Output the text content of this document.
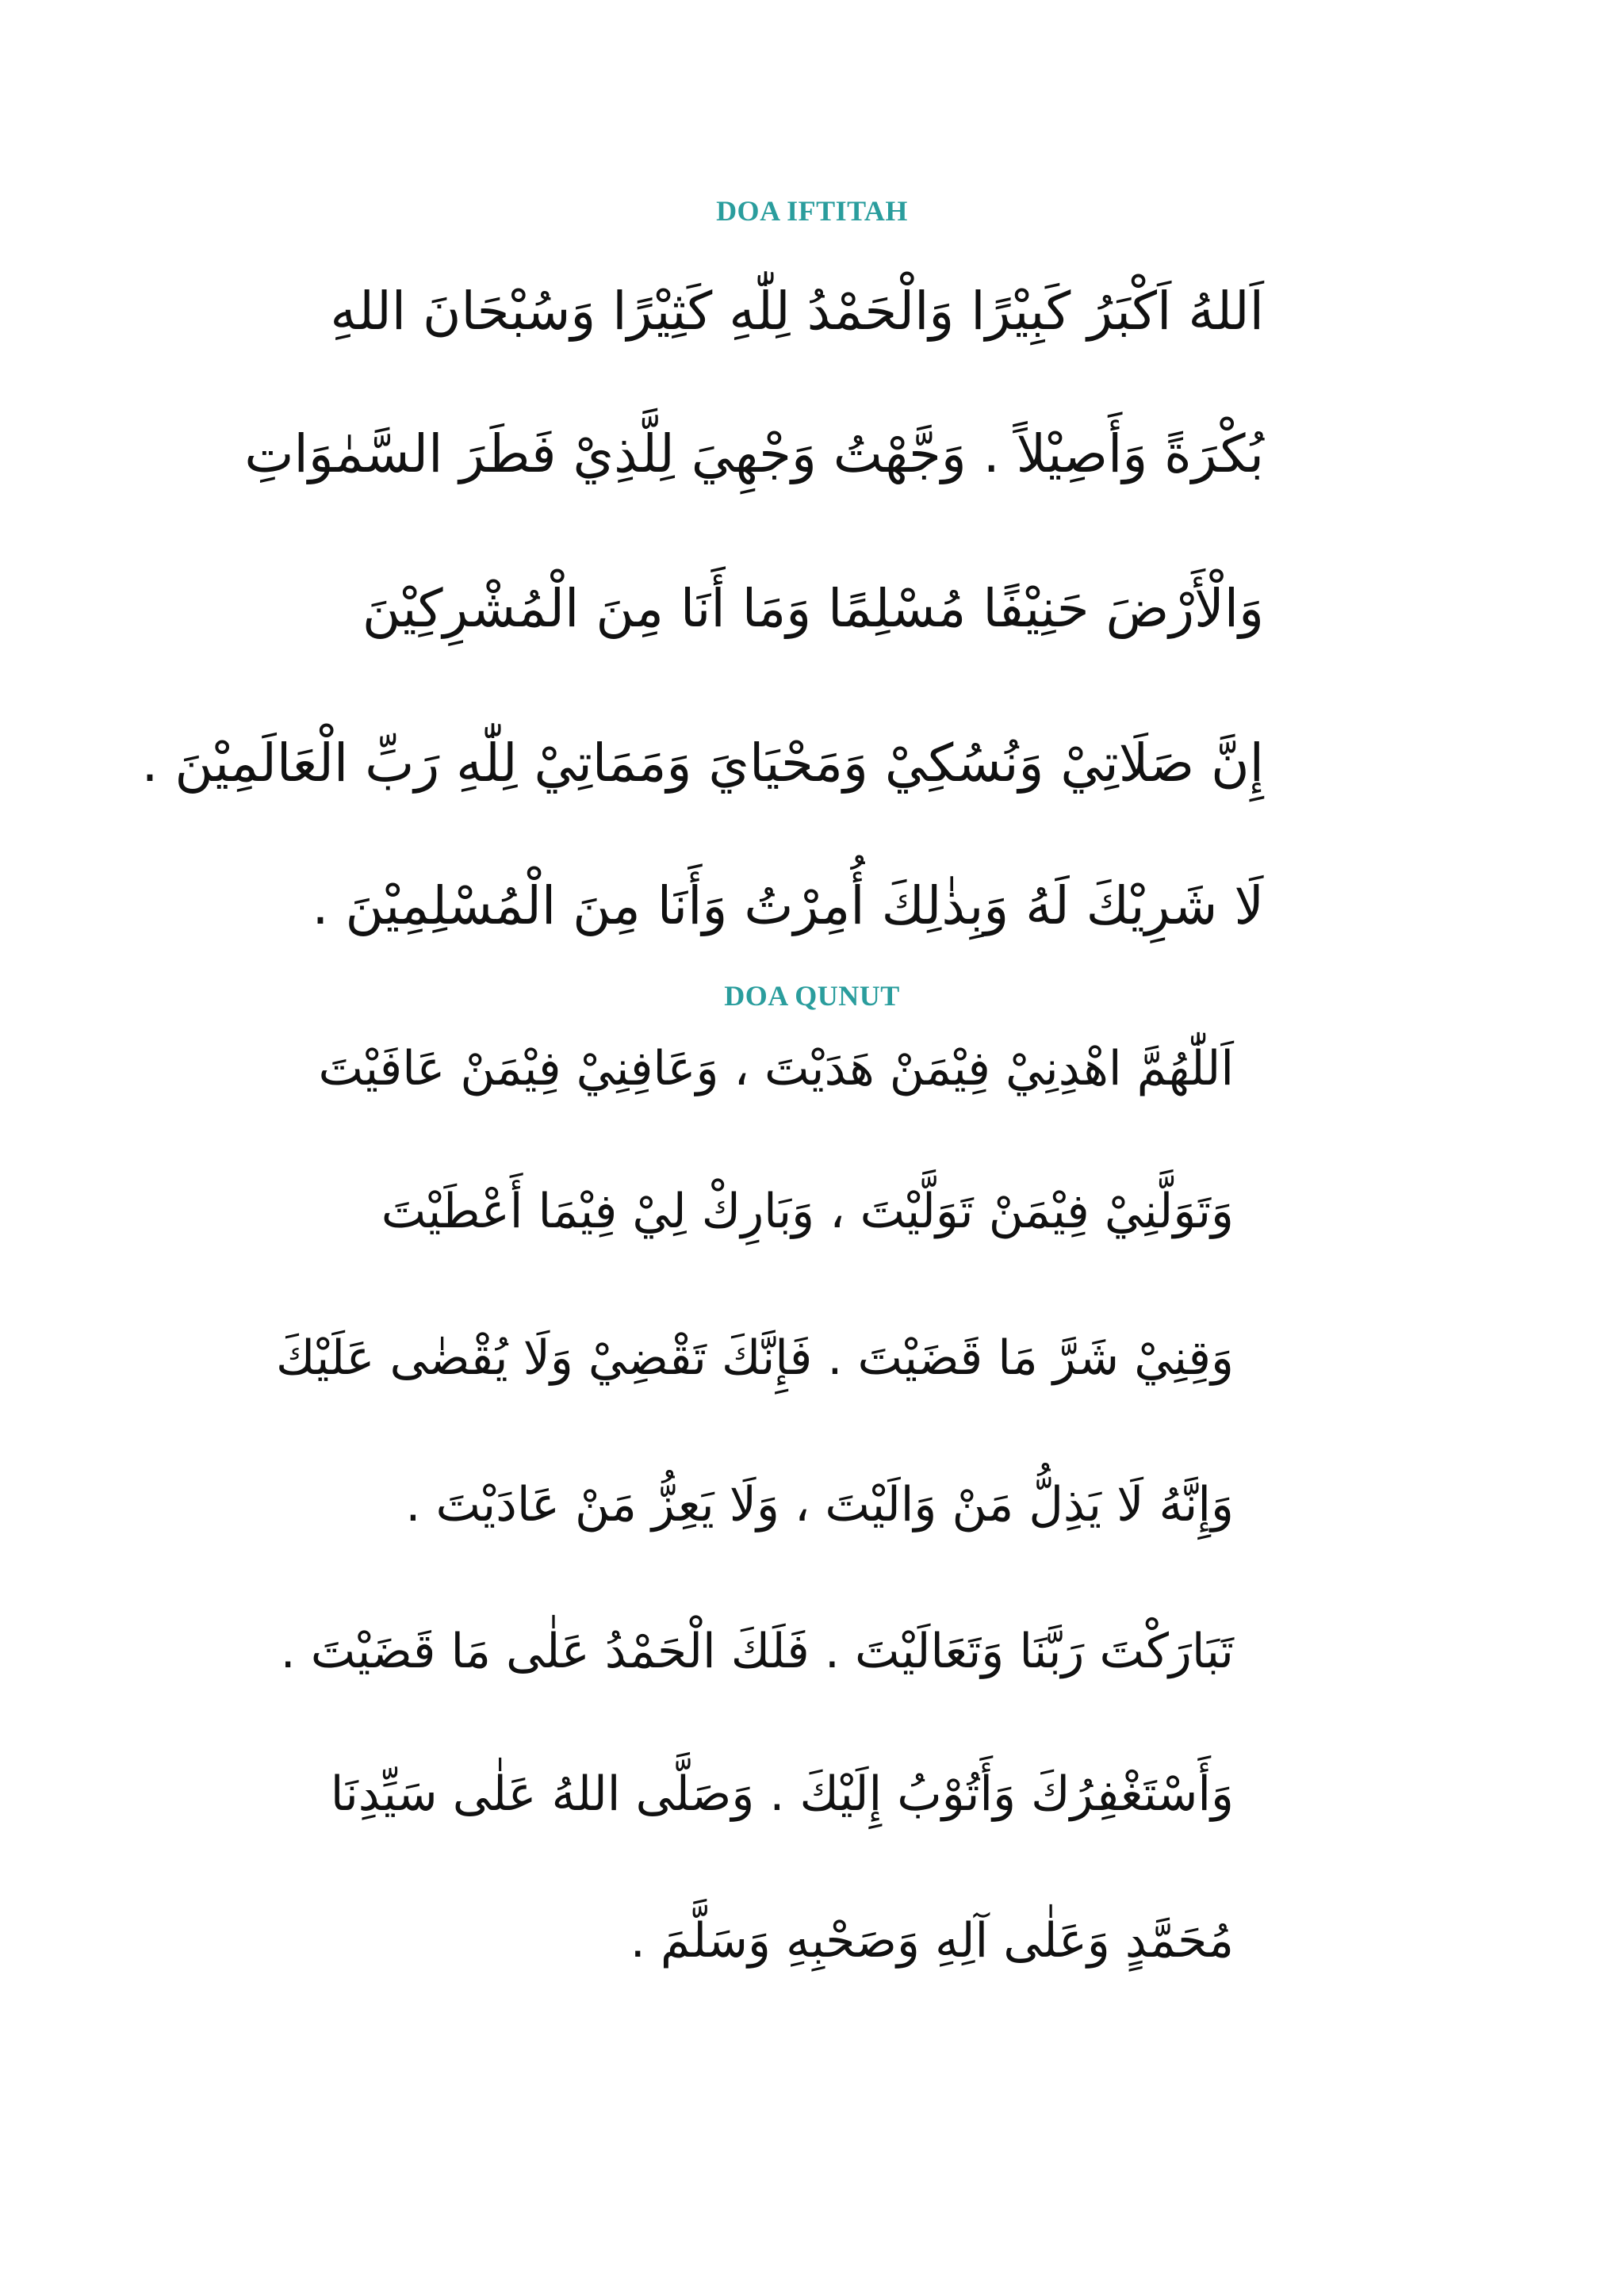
DOA IFTITAH
اَللهُ اَكْبَرُ كَبِيْرًا وَالْحَمْدُ لِلّٰهِ كَثِيْرًا وَسُبْحَانَ اللهِ
بُكْرَةً وَأَصِيْلاً . وَجَّهْتُ وَجْهِيَ لِلَّذِيْ فَطَرَ السَّمٰوَاتِ
وَالْأَرْضَ حَنِيْفًا مُسْلِمًا وَمَا أَنَا مِنَ الْمُشْرِكِيْنَ
إِنَّ صَلَاتِيْ وَنُسُكِيْ وَمَحْيَايَ وَمَمَاتِيْ لِلّٰهِ رَبِّ الْعَالَمِيْنَ .
لَا شَرِيْكَ لَهُ وَبِذٰلِكَ أُمِرْتُ وَأَنَا مِنَ الْمُسْلِمِيْنَ .
DOA QUNUT
اَللّٰهُمَّ اهْدِنِيْ فِيْمَنْ هَدَيْتَ ، وَعَافِنِيْ فِيْمَنْ عَافَيْتَ
وَتَوَلَّنِيْ فِيْمَنْ تَوَلَّيْتَ ، وَبَارِكْ لِيْ فِيْمَا أَعْطَيْتَ
وَقِنِيْ شَرَّ مَا قَضَيْتَ . فَإِنَّكَ تَقْضِيْ وَلَا يُقْضٰى عَلَيْكَ
وَإِنَّهُ لَا يَذِلُّ مَنْ وَالَيْتَ ، وَلَا يَعِزُّ مَنْ عَادَيْتَ .
تَبَارَكْتَ رَبَّنَا وَتَعَالَيْتَ . فَلَكَ الْحَمْدُ عَلٰى مَا قَضَيْتَ .
وَأَسْتَغْفِرُكَ وَأَتُوْبُ إِلَيْكَ . وَصَلَّى اللهُ عَلٰى سَيِّدِنَا
مُحَمَّدٍ وَعَلٰى آلِهِ وَصَحْبِهِ وَسَلَّمَ .
